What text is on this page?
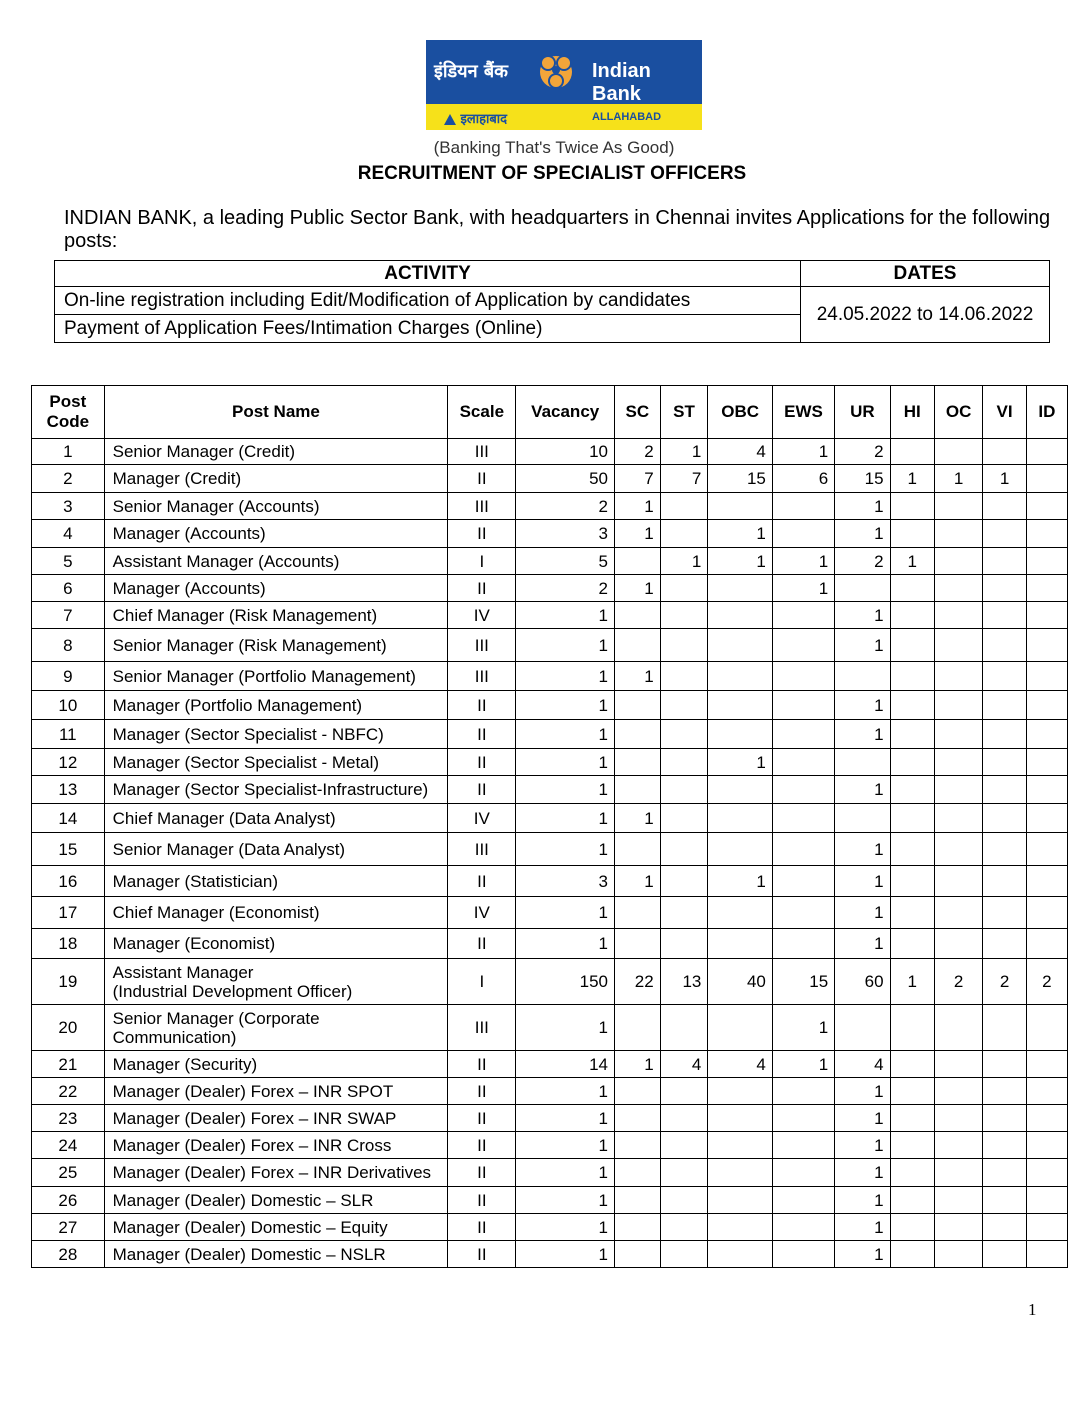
इंडियन बैंक	Indian Bank
इलाहाबाद	ALLAHABAD
(Banking That's Twice As Good)
RECRUITMENT OF SPECIALIST OFFICERS
INDIAN BANK, a leading Public Sector Bank, with headquarters in Chennai invites Applications for the following posts:
ACTIVITY	DATES
On-line registration including Edit/Modification of Application by candidates	24.05.2022 to 14.06.2022
Payment of Application Fees/Intimation Charges (Online)	
Post Code	Post Name	Scale	Vacancy	SC	ST	OBC	EWS	UR	HI	OC	VI	ID
1	Senior Manager (Credit)	III	10	2	1	4	1	2				
2	Manager (Credit)	II	50	7	7	15	6	15	1	1	1	
3	Senior Manager (Accounts)	III	2	1				1				
4	Manager (Accounts)	II	3	1		1		1				
5	Assistant Manager (Accounts)	I	5		1	1	1	2	1			
6	Manager (Accounts)	II	2	1			1					
7	Chief Manager (Risk Management)	IV	1					1				
8	Senior Manager (Risk Management)	III	1					1				
9	Senior Manager (Portfolio Management)	III	1	1								
10	Manager (Portfolio Management)	II	1					1				
11	Manager (Sector Specialist - NBFC)	II	1					1				
12	Manager (Sector Specialist - Metal)	II	1			1						
13	Manager (Sector Specialist-Infrastructure)	II	1					1				
14	Chief Manager (Data Analyst)	IV	1	1								
15	Senior Manager (Data Analyst)	III	1					1				
16	Manager (Statistician)	II	3	1		1		1				
17	Chief Manager (Economist)	IV	1					1				
18	Manager (Economist)	II	1					1				
19	Assistant Manager
(Industrial Development Officer)	I	150	22	13	40	15	60	1	2	2	2
20	Senior Manager (Corporate
Communication)	III	1				1					
21	Manager (Security)	II	14	1	4	4	1	4				
22	Manager (Dealer) Forex – INR SPOT	II	1					1				
23	Manager (Dealer) Forex – INR SWAP	II	1					1				
24	Manager (Dealer) Forex – INR Cross	II	1					1				
25	Manager (Dealer) Forex – INR Derivatives	II	1					1				
26	Manager (Dealer) Domestic – SLR	II	1					1				
27	Manager (Dealer) Domestic – Equity	II	1					1				
28	Manager (Dealer) Domestic – NSLR	II	1					1				
1
